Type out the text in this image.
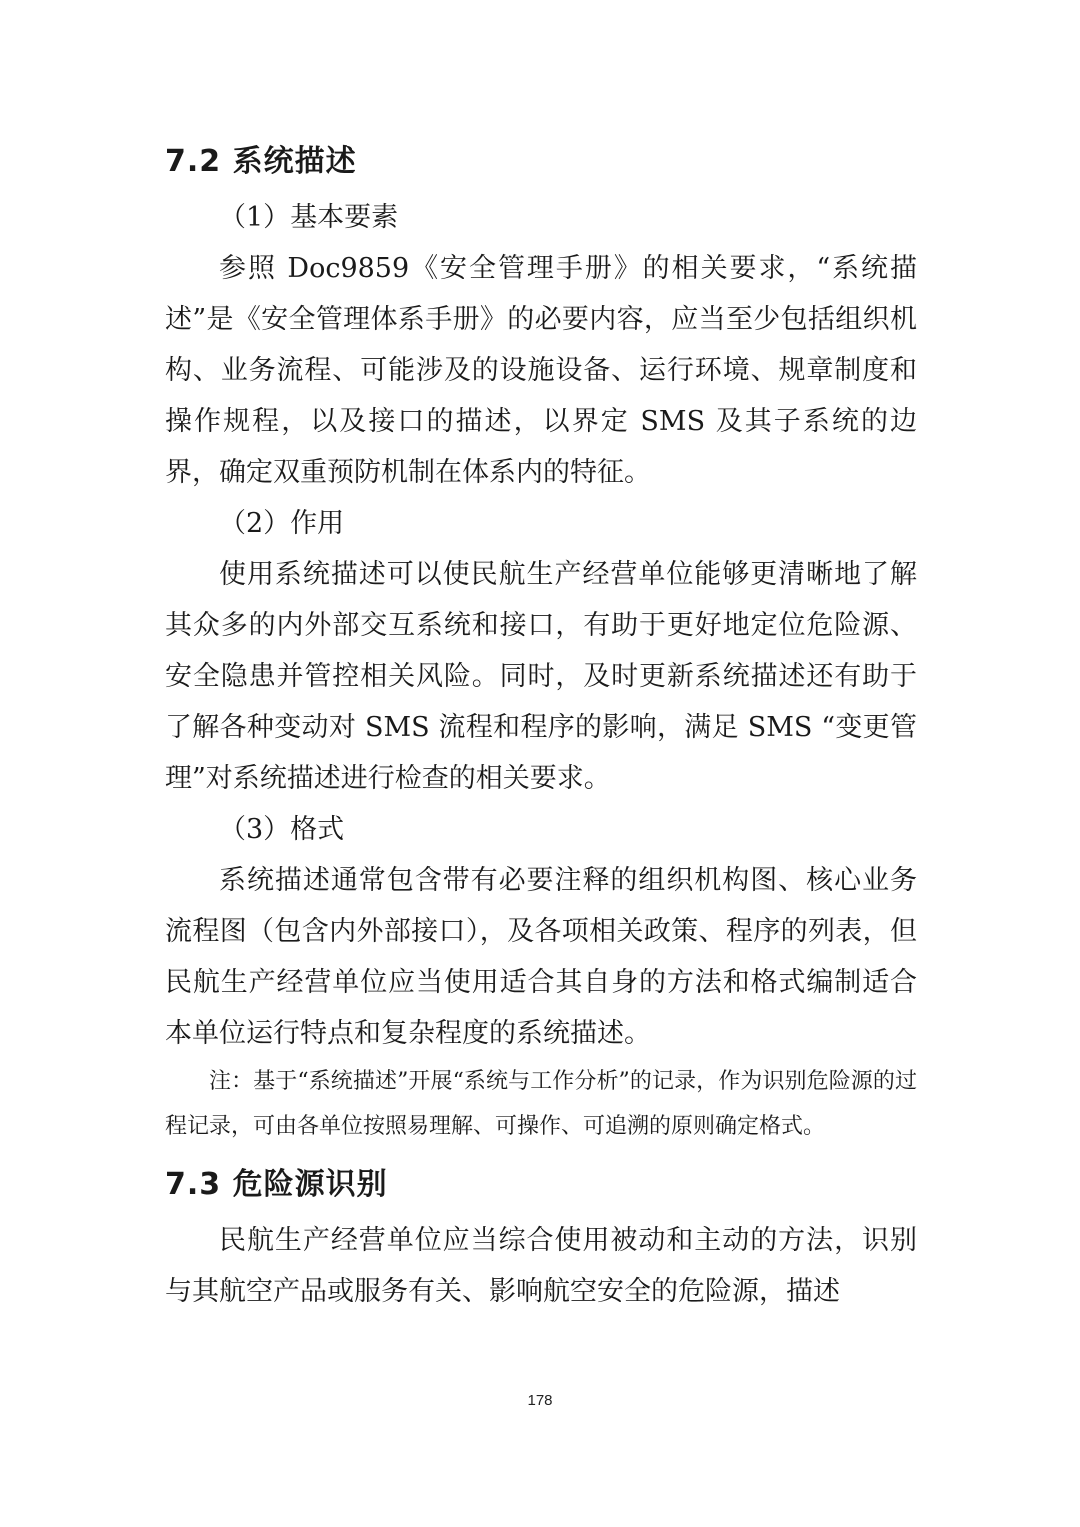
7.2 系统描述

（1）基本要素

参照 Doc9859《安全管理手册》的相关要求，“系统描述”是《安全管理体系手册》的必要内容，应当至少包括组织机构、业务流程、可能涉及的设施设备、运行环境、规章制度和操作规程，以及接口的描述，以界定 SMS 及其子系统的边界，确定双重预防机制在体系内的特征。

（2）作用

使用系统描述可以使民航生产经营单位能够更清晰地了解其众多的内外部交互系统和接口，有助于更好地定位危险源、安全隐患并管控相关风险。同时，及时更新系统描述还有助于了解各种变动对 SMS 流程和程序的影响，满足 SMS “变更管理”对系统描述进行检查的相关要求。

（3）格式

系统描述通常包含带有必要注释的组织机构图、核心业务流程图（包含内外部接口），及各项相关政策、程序的列表，但民航生产经营单位应当使用适合其自身的方法和格式编制适合本单位运行特点和复杂程度的系统描述。

注：基于“系统描述”开展“系统与工作分析”的记录，作为识别危险源的过程记录，可由各单位按照易理解、可操作、可追溯的原则确定格式。

7.3 危险源识别

民航生产经营单位应当综合使用被动和主动的方法，识别与其航空产品或服务有关、影响航空安全的危险源，描述

178
